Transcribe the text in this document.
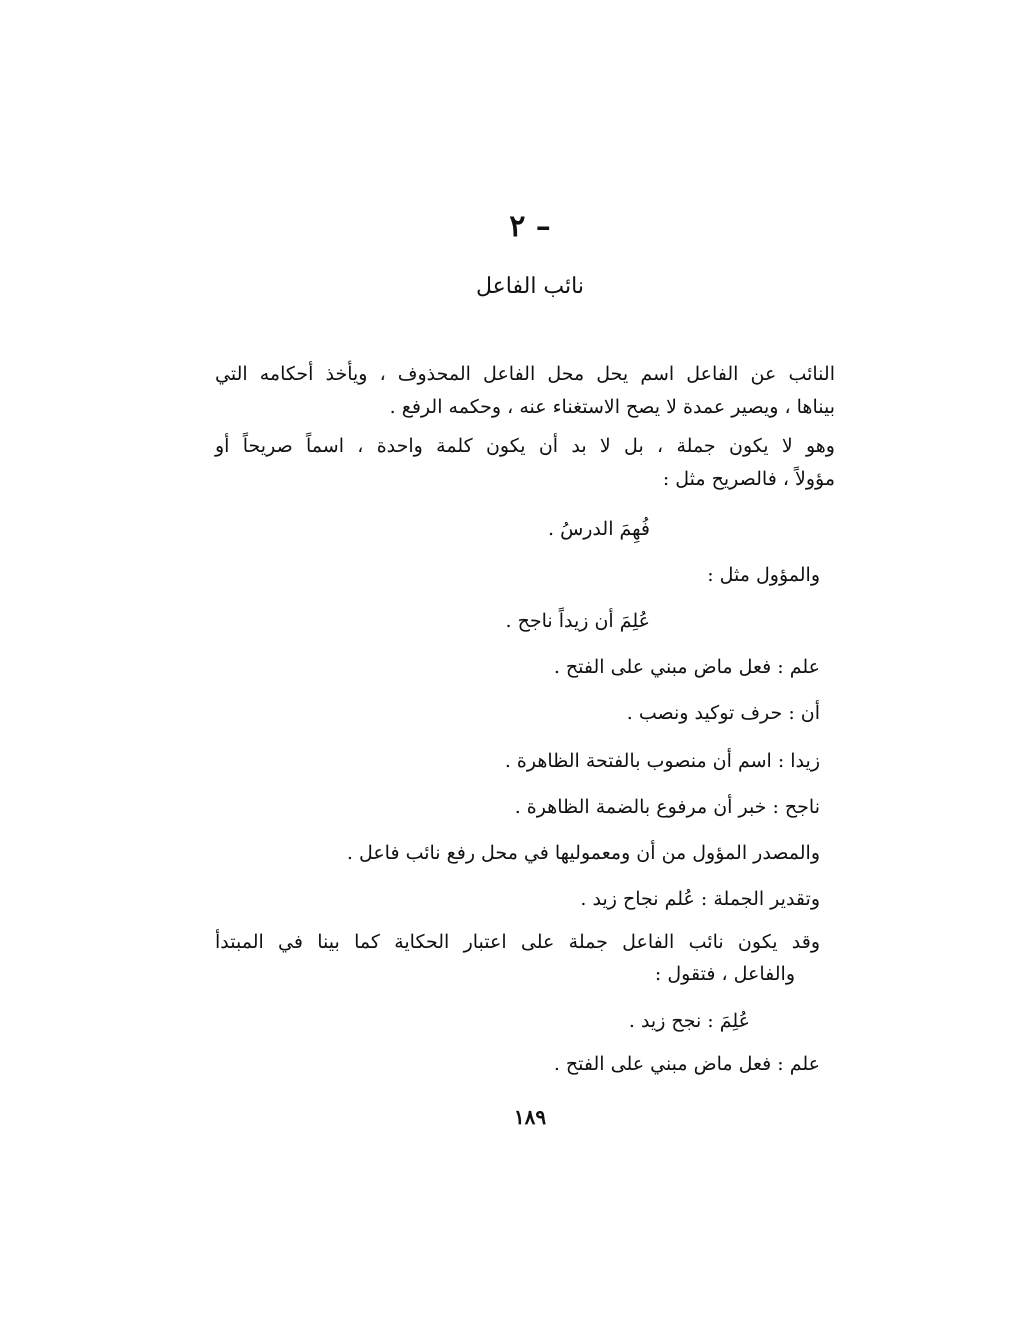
– ٢
نائب الفاعل
النائب عن الفاعل اسم يحل محل الفاعل المحذوف ، ويأخذ أحكامه التي
بيناها ، ويصير عمدة لا يصح الاستغناء عنه ، وحكمه الرفع .
وهو لا يكون جملة ، بل لا بد أن يكون كلمة واحدة ، اسماً صريحاً أو
مؤولاً ، فالصريح مثل :
فُهِمَ الدرسُ .
والمؤول مثل :
عُلِمَ أن زيداً ناجح .
علم : فعل ماض مبني على الفتح .
أن : حرف توكيد ونصب .
زيدا : اسم أن منصوب بالفتحة الظاهرة .
ناجح : خبر أن مرفوع بالضمة الظاهرة .
والمصدر المؤول من أن ومعموليها في محل رفع نائب فاعل .
وتقدير الجملة : عُلم نجاح زيد .
وقد يكون نائب الفاعل جملة على اعتبار الحكاية كما بينا في المبتدأ
والفاعل ، فتقول :
عُلِمَ : نجح زيد .
علم : فعل ماض مبني على الفتح .
١٨٩
